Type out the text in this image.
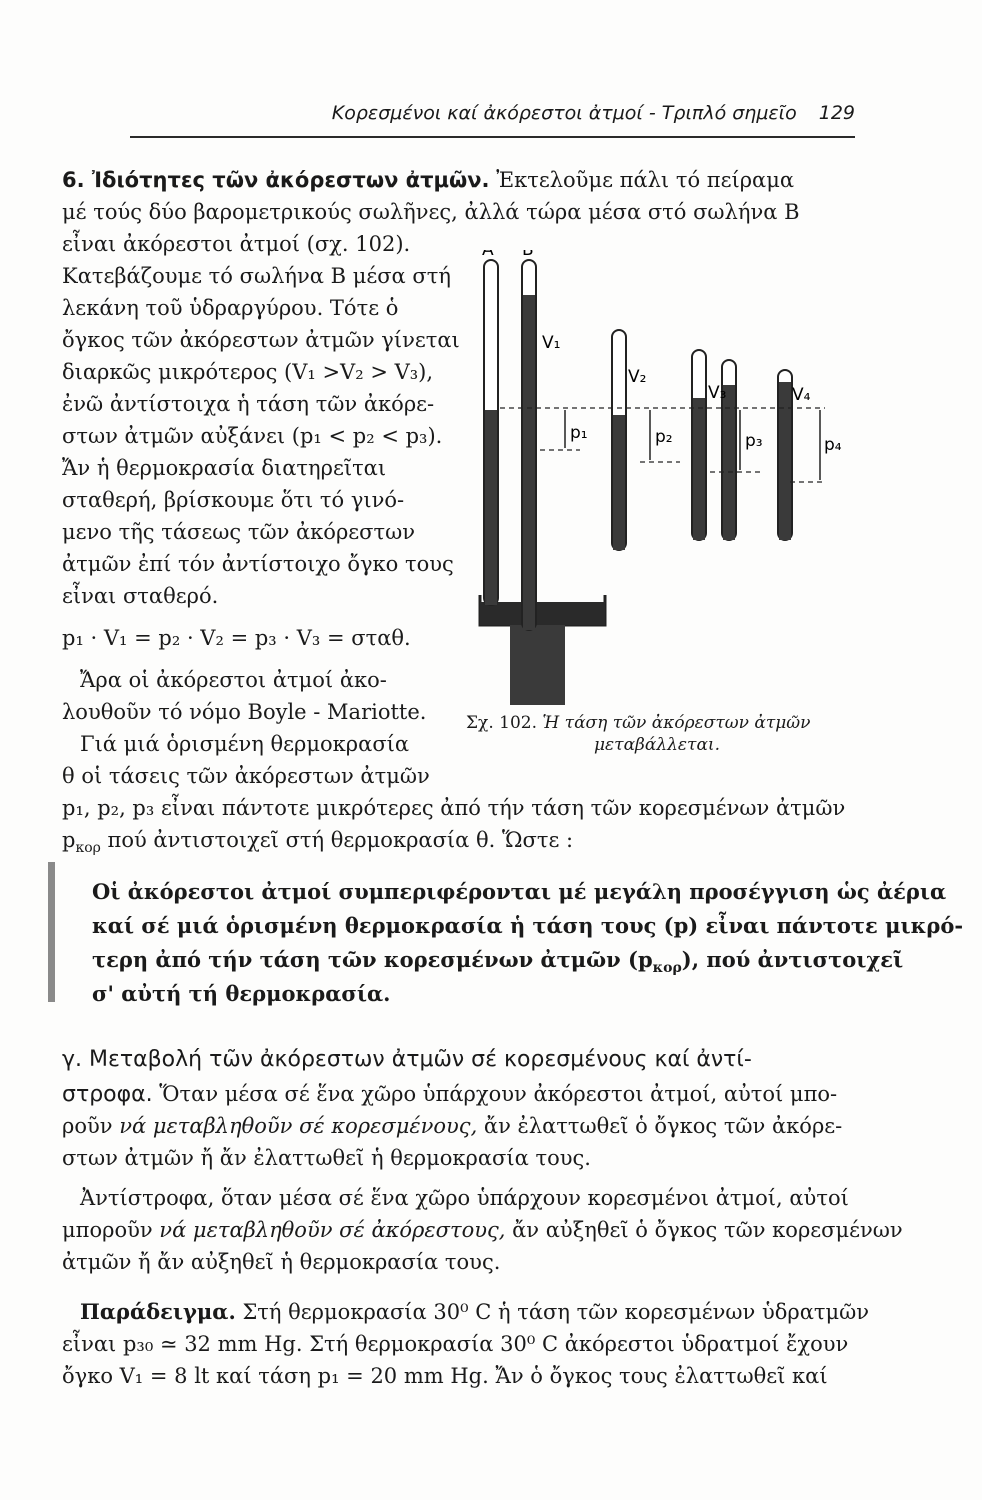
Κορεσμένοι καί ἀκόρεστοι ἀτμοί - Τριπλό σημεῖο 129
6. Ἰδιότητες τῶν ἀκόρεστων ἀτμῶν. Ἐκτελοῦμε πάλι τό πείραμα
μέ τούς δύο βαρομετρικούς σωλῆνες, ἀλλά τώρα μέσα στό σωλήνα Β
εἶναι ἀκόρεστοι ἀτμοί (σχ. 102).
Κατεβάζουμε τό σωλήνα Β μέσα στή
λεκάνη τοῦ ὑδραργύρου. Τότε ὁ
ὄγκος τῶν ἀκόρεστων ἀτμῶν γίνεται
διαρκῶς μικρότερος (V₁ >V₂ > V₃),
ἐνῶ ἀντίστοιχα ἡ τάση τῶν ἀκόρε-
στων ἀτμῶν αὐξάνει (p₁ < p₂ < p₃).
Ἄν ἡ θερμοκρασία διατηρεῖται
σταθερή, βρίσκουμε ὅτι τό γινό-
μενο τῆς τάσεως τῶν ἀκόρεστων
ἀτμῶν ἐπί τόν ἀντίστοιχο ὄγκο τους
εἶναι σταθερό.
p₁ · V₁ = p₂ · V₂ = p₃ · V₃ = σταθ.
Ἄρα οἱ ἀκόρεστοι ἀτμοί ἀκο-
λουθοῦν τό νόμο Boyle - Mariotte.
Γιά μιά ὁρισμένη θερμοκρασία
θ οἱ τάσεις τῶν ἀκόρεστων ἀτμῶν
p₁, p₂, p₃ εἶναι πάντοτε μικρότερες ἀπό τήν τάση τῶν κορεσμένων ἀτμῶν
$p_{\kappa o\rho}$ πού ἀντιστοιχεῖ στή θερμοκρασία θ. Ὥστε :
A B
V₁
V₂
V₃	V₄
p₁	p₂	p₃	p₄
Σχ. 102. Ἡ τάση τῶν ἀκόρεστων ἀτμῶν
μεταβάλλεται.
Οἱ ἀκόρεστοι ἀτμοί συμπεριφέρονται μέ μεγάλη προσέγγιση ὡς ἀέρια
καί σέ μιά ὁρισμένη θερμοκρασία ἡ τάση τους (p) εἶναι πάντοτε μικρό-
τερη ἀπό τήν τάση τῶν κορεσμένων ἀτμῶν $(p_{\kappa o\rho})$, πού ἀντιστοιχεῖ
σ' αὐτή τή θερμοκρασία.
γ. Μεταβολή τῶν ἀκόρεστων ἀτμῶν σέ κορεσμένους καί ἀντί-
στροφα. Ὅταν μέσα σέ ἕνα χῶρο ὑπάρχουν ἀκόρεστοι ἀτμοί, αὐτοί μπο-
ροῦν νά μεταβληθοῦν σέ κορεσμένους, ἄν ἐλαττωθεῖ ὁ ὄγκος τῶν ἀκόρε-
στων ἀτμῶν ἤ ἄν ἐλαττωθεῖ ἡ θερμοκρασία τους.
Ἀντίστροφα, ὅταν μέσα σέ ἕνα χῶρο ὑπάρχουν κορεσμένοι ἀτμοί, αὐτοί
μποροῦν νά μεταβληθοῦν σέ ἀκόρεστους, ἄν αὐξηθεῖ ὁ ὄγκος τῶν κορεσμένων
ἀτμῶν ἤ ἄν αὐξηθεῖ ἡ θερμοκρασία τους.
Παράδειγμα. Στή θερμοκρασία 30⁰ C ἡ τάση τῶν κορεσμένων ὑδρατμῶν
εἶναι p₃₀ ≃ 32 mm Hg. Στή θερμοκρασία 30⁰ C ἀκόρεστοι ὑδρατμοί ἔχουν
ὄγκο V₁ = 8 lt καί τάση p₁ = 20 mm Hg. Ἄν ὁ ὄγκος τους ἐλαττωθεῖ καί
